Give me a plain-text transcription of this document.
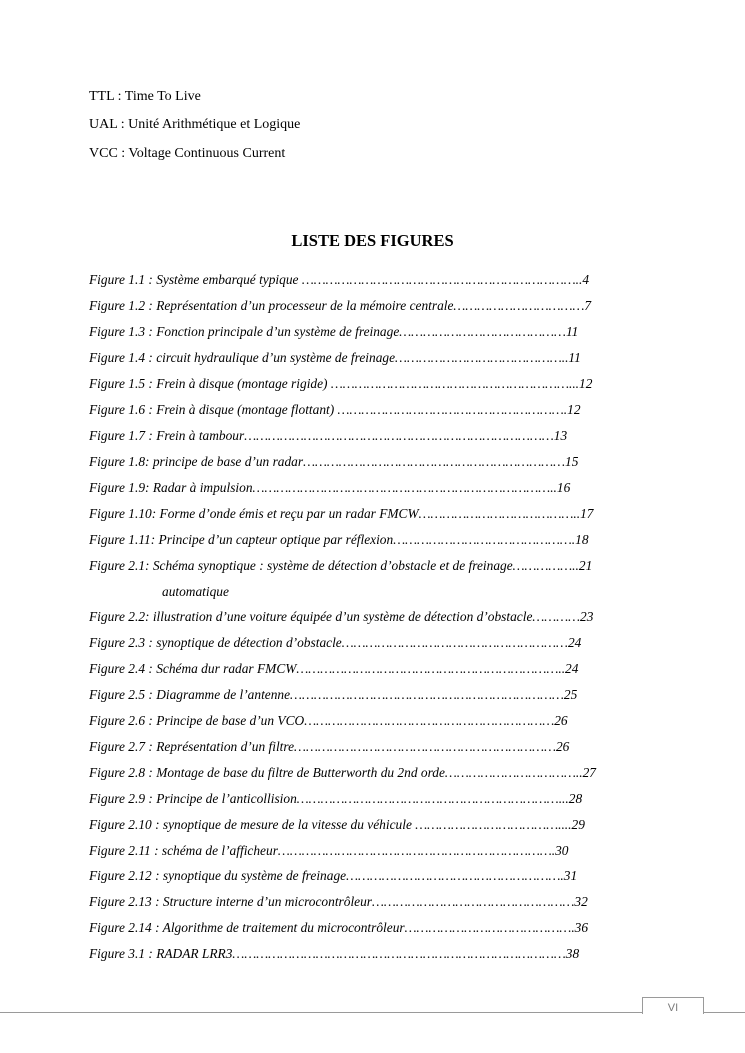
TTL : Time To Live
UAL : Unité Arithmétique et Logique
VCC : Voltage Continuous Current
LISTE DES FIGURES
Figure 1.1 : Système embarqué typique ……………………………………………………………..4
Figure 1.2 : Représentation d’un processeur de la mémoire centrale……………………………7
Figure 1.3 : Fonction principale d’un système de freinage……………………………………11
Figure 1.4 : circuit hydraulique d’un système de freinage……………………………………..11
Figure 1.5 : Frein à disque (montage rigide) ……………………………………………………...12
Figure 1.6 : Frein à disque (montage flottant) ………………………………………………….12
Figure 1.7 : Frein à tambour……………………………………………………………………13
Figure 1.8: principe de base d’un radar…………………………………………………………15
Figure 1.9: Radar à impulsion…………………………………………………………………..16
Figure 1.10: Forme d’onde émis et reçu par un radar FMCW…………………………………..17
Figure 1.11: Principe d’un capteur optique par réflexion……………………………………….18
Figure 2.1: Schéma synoptique : système de détection d’obstacle et de freinage……………..21
automatique
Figure 2.2: illustration d’une voiture équipée d’un système de détection d’obstacle…………23
Figure 2.3 : synoptique de détection d’obstacle…………………………………………………24
Figure 2.4 : Schéma dur radar FMCW…………………………………………………………..24
Figure 2.5 : Diagramme de l’antenne……………………………………………………………25
Figure 2.6 : Principe de base d’un VCO………………………………………………………26
Figure 2.7 : Représentation d’un filtre…………………………………………………………26
Figure 2.8 : Montage de base du filtre de Butterworth du 2nd orde……………………………..27
Figure 2.9 : Principe de l’anticollision…………………………………………………………...28
Figure 2.10 : synoptique de mesure de la vitesse du véhicule ………………………………....29
Figure 2.11 : schéma de l’afficheur…………………………………………………………….30
Figure 2.12 : synoptique du système de freinage……………………………………………….31
Figure 2.13 : Structure interne d’un microcontrôleur……………………………………………32
Figure 2.14 : Algorithme de traitement du microcontrôleur…………………………………….36
Figure 3.1 : RADAR LRR3…………………………………………………………………………38
VI
